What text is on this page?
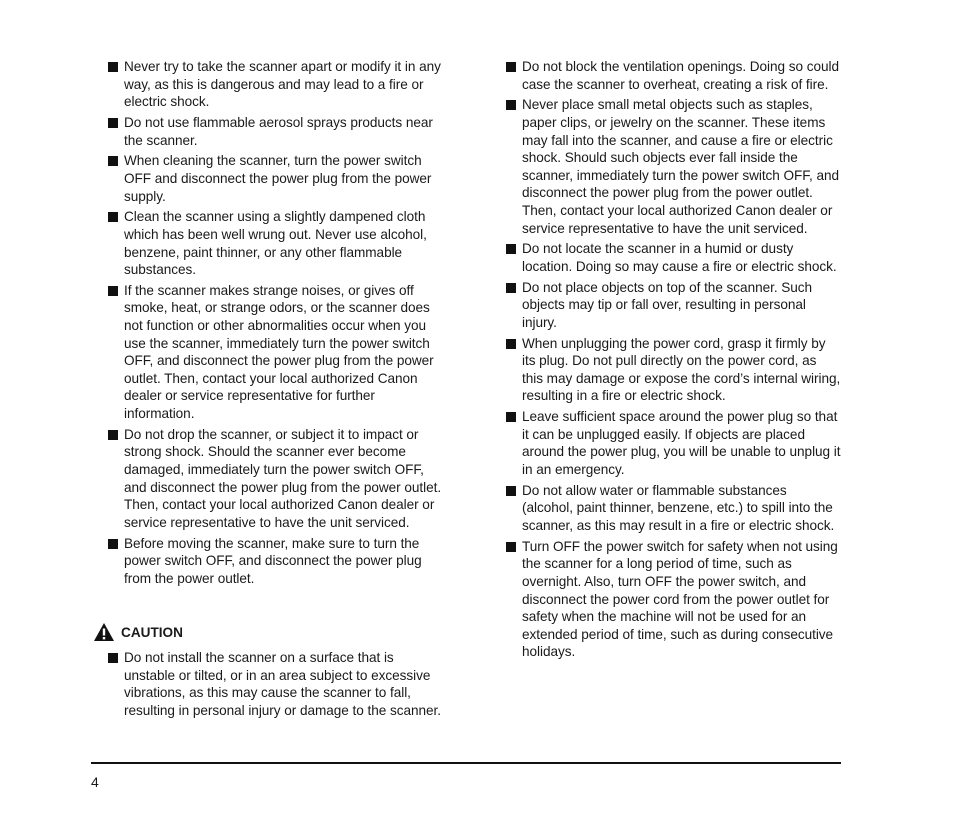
Never try to take the scanner apart or modify it in any way, as this is dangerous and may lead to a fire or electric shock.
Do not use flammable aerosol sprays products near the scanner.
When cleaning the scanner, turn the power switch OFF and disconnect the power plug from the power supply.
Clean the scanner using a slightly dampened cloth which has been well wrung out. Never use alcohol, benzene, paint thinner, or any other flammable substances.
If the scanner makes strange noises, or gives off smoke, heat, or strange odors, or the scanner does not function or other abnormalities occur when you use the scanner, immediately turn the power switch OFF, and disconnect the power plug from the power outlet. Then, contact your local authorized Canon dealer or service representative for further information.
Do not drop the scanner, or subject it to impact or strong shock. Should the scanner ever become damaged, immediately turn the power switch OFF, and disconnect the power plug from the power outlet. Then, contact your local authorized Canon dealer or service representative to have the unit serviced.
Before moving the scanner, make sure to turn the power switch OFF, and disconnect the power plug from the power outlet.
CAUTION
Do not install the scanner on a surface that is unstable or tilted, or in an area subject to excessive vibrations, as this may cause the scanner to fall, resulting in personal injury or damage to the scanner.
Do not block the ventilation openings. Doing so could case the scanner to overheat, creating a risk of fire.
Never place small metal objects such as staples, paper clips, or jewelry on the scanner. These items may fall into the scanner, and cause a fire or electric shock. Should such objects ever fall inside the scanner, immediately turn the power switch OFF, and disconnect the power plug from the power outlet. Then, contact your local authorized Canon dealer or service representative to have the unit serviced.
Do not locate the scanner in a humid or dusty location. Doing so may cause a fire or electric shock.
Do not place objects on top of the scanner. Such objects may tip or fall over, resulting in personal injury.
When unplugging the power cord, grasp it firmly by its plug. Do not pull directly on the power cord, as this may damage or expose the cord’s internal wiring, resulting in a fire or electric shock.
Leave sufficient space around the power plug so that it can be unplugged easily. If objects are placed around the power plug, you will be unable to unplug it in an emergency.
Do not allow water or flammable substances (alcohol, paint thinner, benzene, etc.) to spill into the scanner, as this may result in a fire or electric shock.
Turn OFF the power switch for safety when not using the scanner for a long period of time, such as overnight. Also, turn OFF the power switch, and disconnect the power cord from the power outlet for safety when the machine will not be used for an extended period of time, such as during consecutive holidays.
4
